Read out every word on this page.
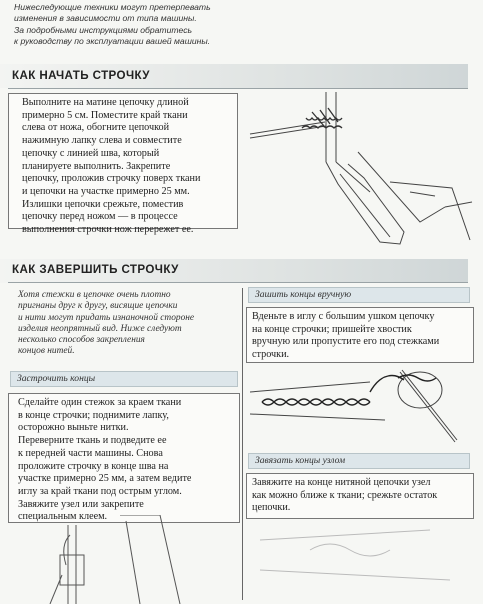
Нижеследующие техники могут претерпевать
изменения в зависимости от типа машины.
За подробными инструкциями обратитесь
к руководству по эксплуатации вашей машины.
КАК НАЧАТЬ СТРОЧКУ
Выполните на матине цепочку длиной
примерно 5 см. Поместите край ткани
слева от ножа, обогните цепочкой
нажимную лапку слева и совместите
цепочку с линией шва, который
планируете выполнить. Закрепите
цепочку, проложив строчку поверх ткани
и цепочки на участке примерно 25 мм.
Излишки цепочки срежьте, поместив
цепочку перед ножом — в процессе
выполнения строчки нож перережет ее.
КАК ЗАВЕРШИТЬ СТРОЧКУ
Хотя стежки в цепочке очень плотно
пригнаны друг к другу, висящие цепочки
и нити могут придать изнаночной стороне
изделия неопрятный вид. Ниже следуют
несколько способов закрепления
концов нитей.
Застрочить концы
Сделайте один стежок за краем ткани
в конце строчки; поднимите лапку,
осторожно выньте нитки.
Переверните ткань и подведите ее
к передней части машины. Снова
проложите строчку в конце шва на
участке примерно 25 мм, а затем ведите
иглу за край ткани под острым углом.
Завяжите узел или закрепите
специальным клеем.
Зашить концы вручную
Вденьте в иглу с большим ушком цепочку
на конце строчки; пришейте хвостик
вручную или пропустите его под стежками
строчки.
Завязать концы узлом
Завяжите на конце нитяной цепочки узел
как можно ближе к ткани; срежьте остаток
цепочки.
